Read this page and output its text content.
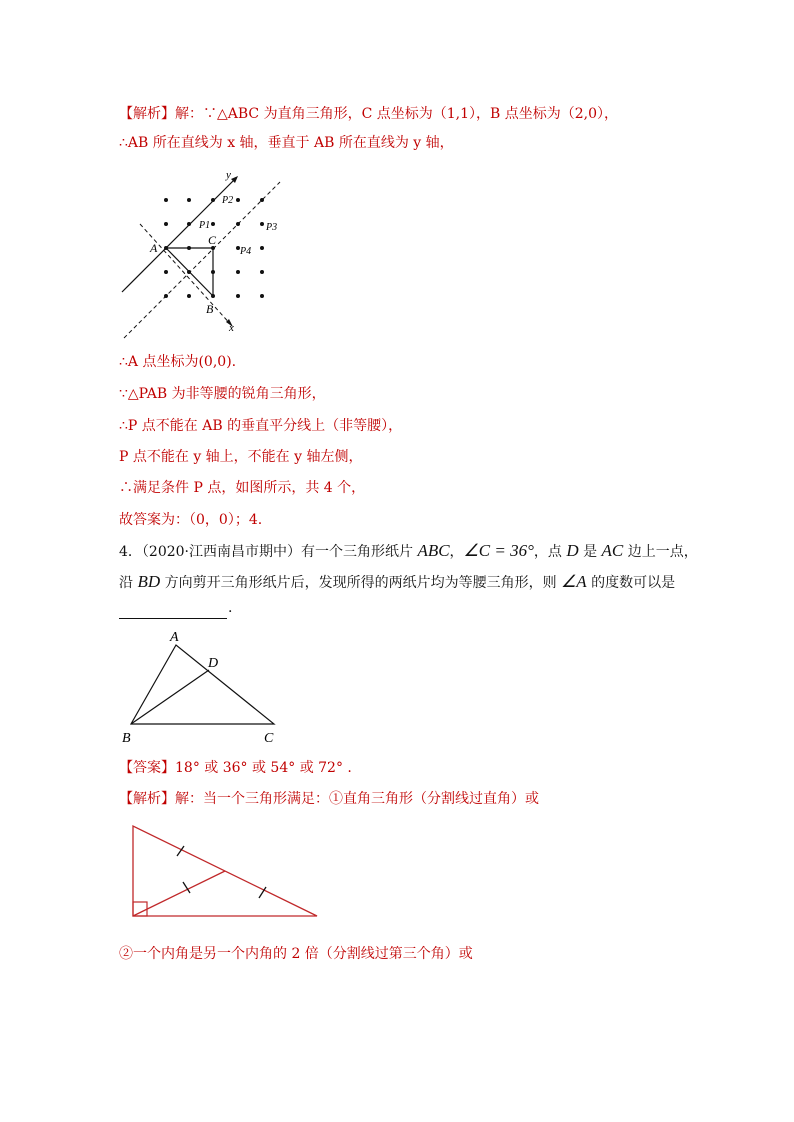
【解析】解：∵△ABC 为直角三角形，C 点坐标为（1,1），B 点坐标为（2,0），
∴AB 所在直线为 x 轴，垂直于 AB 所在直线为 y 轴，
y
x
A
B
C
P1
P2
P3
P4
∴A 点坐标为(0,0).
∵△PAB 为非等腰的锐角三角形，
∴P 点不能在 AB 的垂直平分线上（非等腰），
P 点不能在 y 轴上，不能在 y 轴左侧，
∴满足条件 P 点，如图所示，共 4 个，
故答案为：（0，0）；4.
4．（2020·江西南昌市期中）有一个三角形纸片 ABC，∠C = 36°，点 D 是 AC 边上一点，
沿 BD 方向剪开三角形纸片后，发现所得的两纸片均为等腰三角形，则 ∠A 的度数可以是
.
A
D
B	C
【答案】18° 或 36° 或 54° 或 72° .
【解析】解：当一个三角形满足：①直角三角形（分割线过直角）或
②一个内角是另一个内角的 2 倍（分割线过第三个角）或
